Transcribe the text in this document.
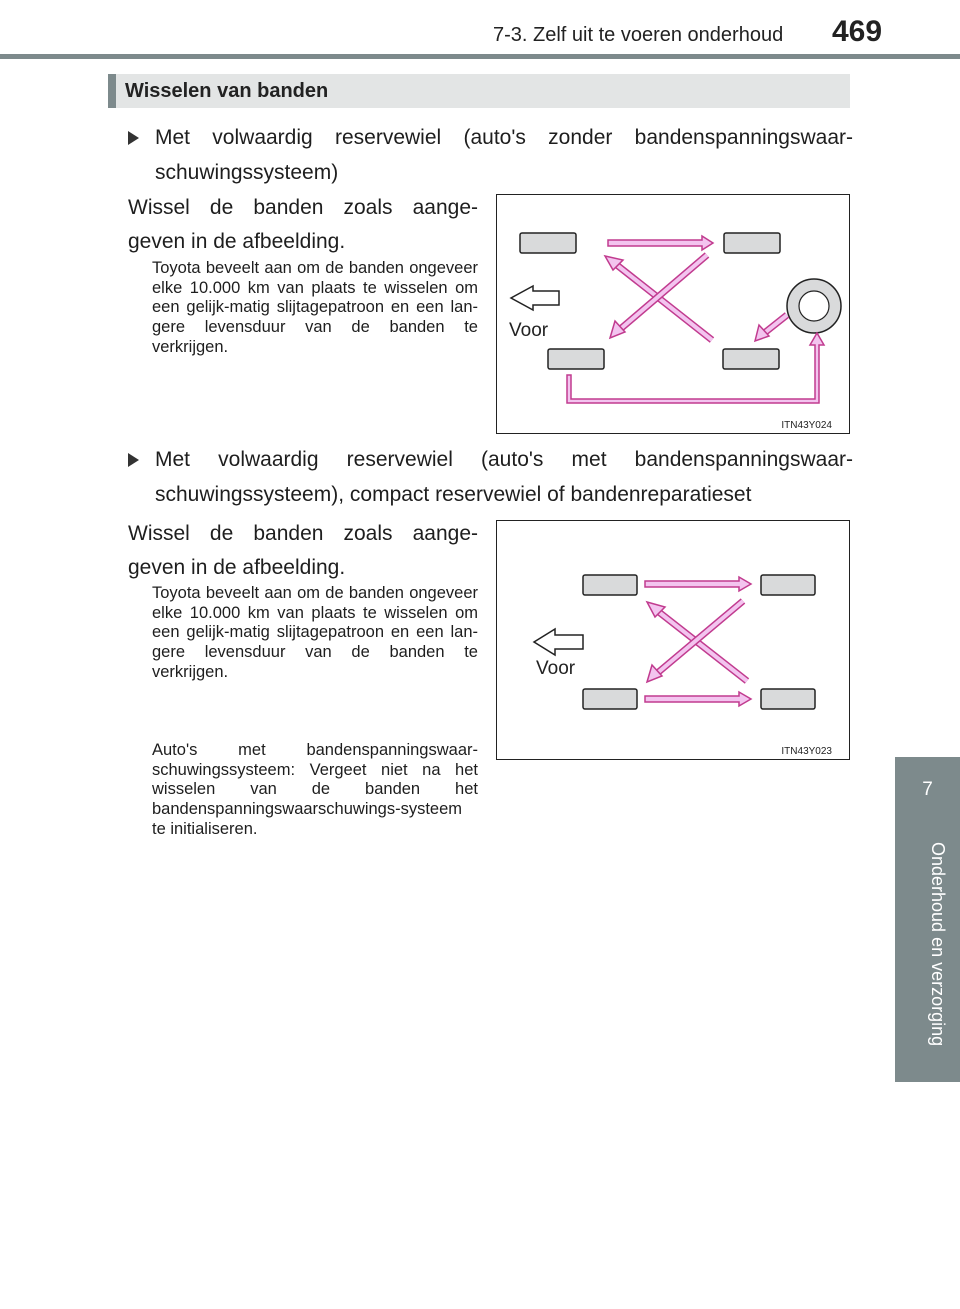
7-3. Zelf uit te voeren onderhoud 469
7
Onderhoud en verzorging
Wisselen van banden
Met volwaardig reservewiel (auto's zonder bandenspanningswaar-schuwingssysteem)
Wissel de banden zoals aange-geven in de afbeelding.
Toyota beveelt aan om de banden ongeveer elke 10.000 km van plaats te wisselen om een gelijk-matig slijtagepatroon en een lan-gere levensduur van de banden te verkrijgen.
Voor
ITN43Y024
Met volwaardig reservewiel (auto's met bandenspanningswaar-schuwingssysteem), compact reservewiel of bandenreparatieset
Wissel de banden zoals aange-geven in de afbeelding.
Toyota beveelt aan om de banden ongeveer elke 10.000 km van plaats te wisselen om een gelijk-matig slijtagepatroon en een lan-gere levensduur van de banden te verkrijgen.
Auto's met bandenspanningswaar-schuwingssysteem: Vergeet niet na het wisselen van de banden het bandenspanningswaarschuwings-systeem te initialiseren.
Voor
ITN43Y023
